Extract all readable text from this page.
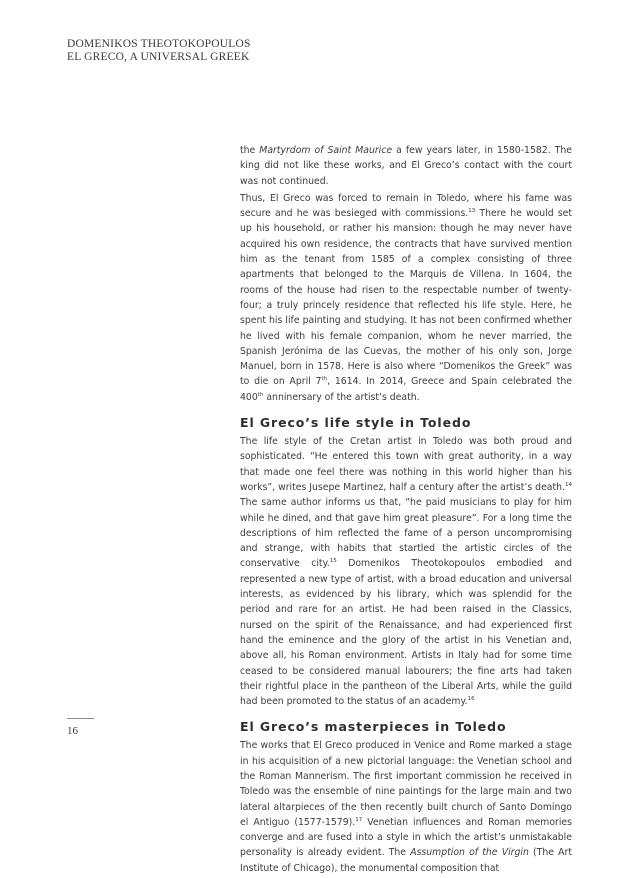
DOMENIKOS THEOTOKOPOULOS
EL GRECO, A UNIVERSAL GREEK

the Martyrdom of Saint Maurice a few years later, in 1580-1582. The king did not like these works, and El Greco’s contact with the court was not continued.

Thus, El Greco was forced to remain in Toledo, where his fame was secure and he was besieged with commissions.$^{13}$ There he would set up his household, or rather his mansion: though he may never have acquired his own residence, the contracts that have survived mention him as the tenant from 1585 of a complex consisting of three apartments that belonged to the Marquis de Villena. In 1604, the rooms of the house had risen to the respectable number of twenty-four; a truly princely residence that reflected his life style. Here, he spent his life painting and studying. It has not been confirmed whether he lived with his female companion, whom he never married, the Spanish Jerónima de las Cuevas, the mother of his only son, Jorge Manuel, born in 1578. Here is also where “Domenikos the Greek” was to die on April 7th, 1614. In 2014, Greece and Spain celebrated the 400th anninersary of the artist’s death.

El Greco’s life style in Toledo

The life style of the Cretan artist in Toledo was both proud and sophisticated. “He entered this town with great authority, in a way that made one feel there was nothing in this world higher than his works”, writes Jusepe Martinez, half a century after the artist’s death.$^{14}$ The same author informs us that, “he paid musicians to play for him while he dined, and that gave him great pleasure”. For a long time the descriptions of him reflected the fame of a person uncompromising and strange, with habits that startled the artistic circles of the conservative city.$^{15}$ Domenikos Theotokopoulos embodied and represented a new type of artist, with a broad education and universal interests, as evidenced by his library, which was splendid for the period and rare for an artist. He had been raised in the Classics, nursed on the spirit of the Renaissance, and had experienced first hand the eminence and the glory of the artist in his Venetian and, above all, his Roman environment. Artists in Italy had for some time ceased to be considered manual labourers; the fine arts had taken their rightful place in the pantheon of the Liberal Arts, while the guild had been promoted to the status of an academy.$^{16}$

El Greco’s masterpieces in Toledo

The works that El Greco produced in Venice and Rome marked a stage in his acquisition of a new pictorial language: the Venetian school and the Roman Mannerism. The first important commission he received in Toledo was the ensemble of nine paintings for the large main and two lateral altarpieces of the then recently built church of Santo Domingo el Antiguo (1577-1579).$^{17}$ Venetian influences and Roman memories converge and are fused into a style in which the artist’s unmistakable personality is already evident. The Assumption of the Virgin (The Art Institute of Chicago), the monumental composition that

16
